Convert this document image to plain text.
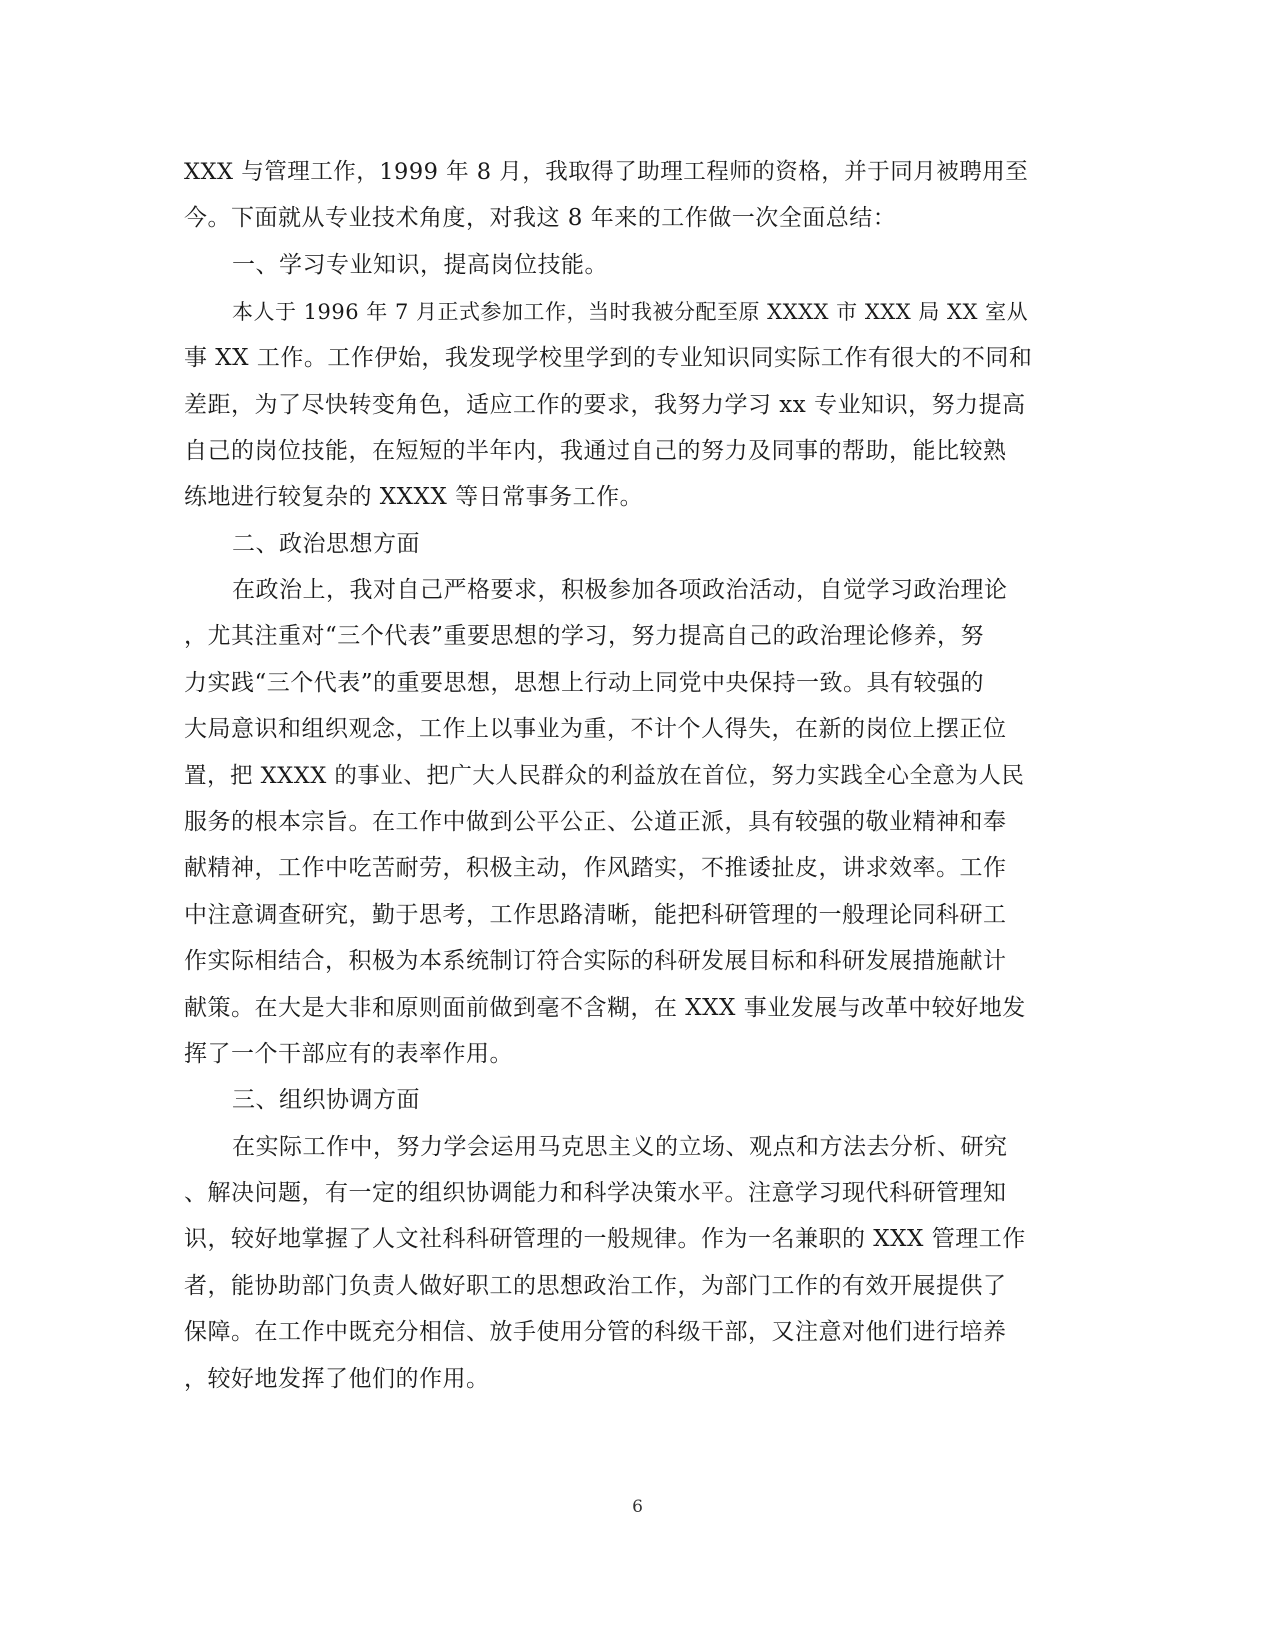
XXX 与管理工作，1999 年 8 月，我取得了助理工程师的资格，并于同月被聘用至
今。下面就从专业技术角度，对我这 8 年来的工作做一次全面总结：
一、学习专业知识，提高岗位技能。
本人于 1996 年 7 月正式参加工作，当时我被分配至原 XXXX 市 XXX 局 XX 室从
事 XX 工作。工作伊始，我发现学校里学到的专业知识同实际工作有很大的不同和
差距，为了尽快转变角色，适应工作的要求，我努力学习 xx 专业知识，努力提高
自己的岗位技能，在短短的半年内，我通过自己的努力及同事的帮助，能比较熟
练地进行较复杂的 XXXX 等日常事务工作。
二、政治思想方面
在政治上，我对自己严格要求，积极参加各项政治活动，自觉学习政治理论
，尤其注重对“三个代表”重要思想的学习，努力提高自己的政治理论修养，努
力实践“三个代表”的重要思想，思想上行动上同党中央保持一致。具有较强的
大局意识和组织观念，工作上以事业为重，不计个人得失，在新的岗位上摆正位
置，把 XXXX 的事业、把广大人民群众的利益放在首位，努力实践全心全意为人民
服务的根本宗旨。在工作中做到公平公正、公道正派，具有较强的敬业精神和奉
献精神，工作中吃苦耐劳，积极主动，作风踏实，不推诿扯皮，讲求效率。工作
中注意调查研究，勤于思考，工作思路清晰，能把科研管理的一般理论同科研工
作实际相结合，积极为本系统制订符合实际的科研发展目标和科研发展措施献计
献策。在大是大非和原则面前做到毫不含糊，在 XXX 事业发展与改革中较好地发
挥了一个干部应有的表率作用。
三、组织协调方面
在实际工作中，努力学会运用马克思主义的立场、观点和方法去分析、研究
、解决问题，有一定的组织协调能力和科学决策水平。注意学习现代科研管理知
识，较好地掌握了人文社科科研管理的一般规律。作为一名兼职的 XXX 管理工作
者，能协助部门负责人做好职工的思想政治工作，为部门工作的有效开展提供了
保障。在工作中既充分相信、放手使用分管的科级干部，又注意对他们进行培养
，较好地发挥了他们的作用。
6
